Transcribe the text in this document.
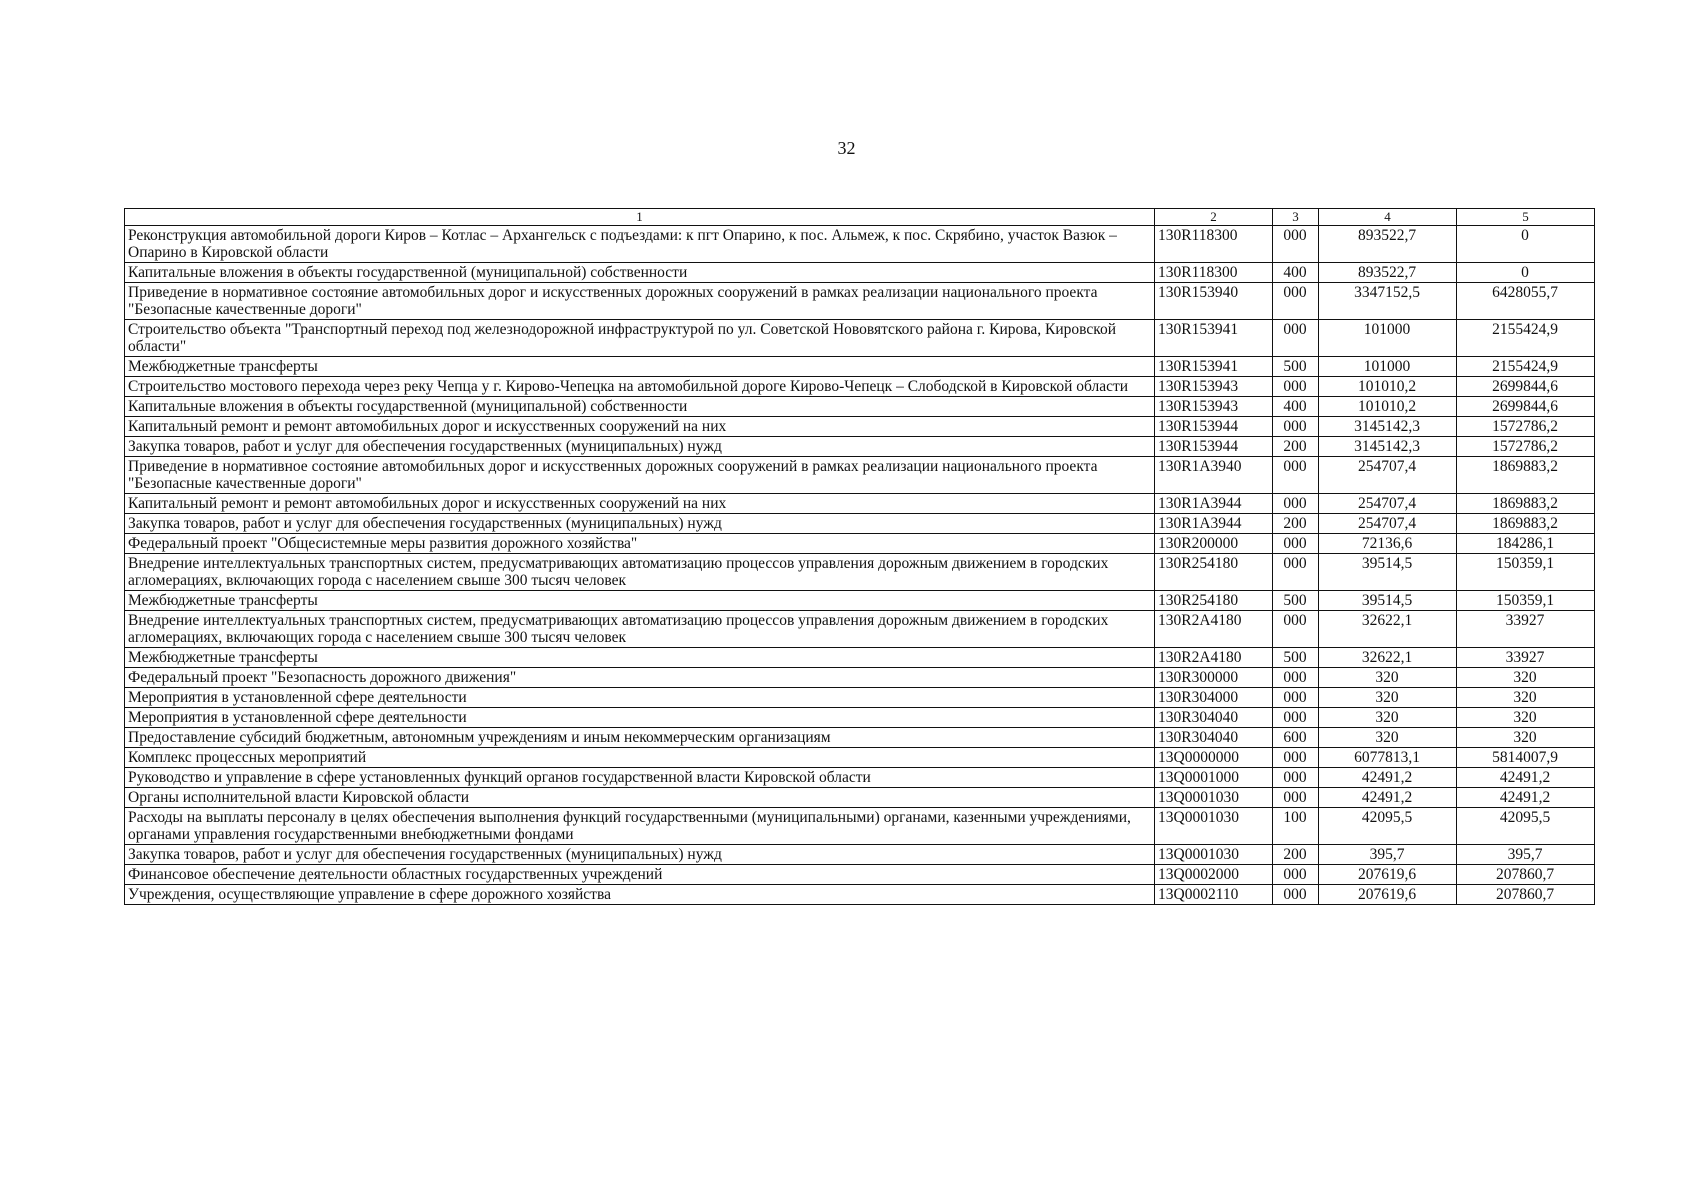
32
1	2	3	4	5
Реконструкция автомобильной дороги Киров – Котлас – Архангельск с подъездами: к пгт Опарино, к пос. Альмеж, к пос. Скрябино, участок Вазюк – Опарино в Кировской области	130R118300	000	893522,7	0
Капитальные вложения в объекты государственной (муниципальной) собственности	130R118300	400	893522,7	0
Приведение в нормативное состояние автомобильных дорог и искусственных дорожных сооружений в рамках реализации национального проекта "Безопасные качественные дороги"	130R153940	000	3347152,5	6428055,7
Строительство объекта "Транспортный переход под железнодорожной инфраструктурой по ул. Советской Нововятского района г. Кирова, Кировской области"	130R153941	000	101000	2155424,9
Межбюджетные трансферты	130R153941	500	101000	2155424,9
Строительство мостового перехода через реку Чепца у г. Кирово-Чепецка на автомобильной дороге Кирово-Чепецк – Слободской в Кировской области	130R153943	000	101010,2	2699844,6
Капитальные вложения в объекты государственной (муниципальной) собственности	130R153943	400	101010,2	2699844,6
Капитальный ремонт и ремонт автомобильных дорог и искусственных сооружений на них	130R153944	000	3145142,3	1572786,2
Закупка товаров, работ и услуг для обеспечения государственных (муниципальных) нужд	130R153944	200	3145142,3	1572786,2
Приведение в нормативное состояние автомобильных дорог и искусственных дорожных сооружений в рамках реализации национального проекта "Безопасные качественные дороги"	130R1A3940	000	254707,4	1869883,2
Капитальный ремонт и ремонт автомобильных дорог и искусственных сооружений на них	130R1A3944	000	254707,4	1869883,2
Закупка товаров, работ и услуг для обеспечения государственных (муниципальных) нужд	130R1A3944	200	254707,4	1869883,2
Федеральный проект "Общесистемные меры развития дорожного хозяйства"	130R200000	000	72136,6	184286,1
Внедрение интеллектуальных транспортных систем, предусматривающих автоматизацию процессов управления дорожным движением в городских агломерациях, включающих города с населением свыше 300 тысяч человек	130R254180	000	39514,5	150359,1
Межбюджетные трансферты	130R254180	500	39514,5	150359,1
Внедрение интеллектуальных транспортных систем, предусматривающих автоматизацию процессов управления дорожным движением в городских агломерациях, включающих города с населением свыше 300 тысяч человек	130R2A4180	000	32622,1	33927
Межбюджетные трансферты	130R2A4180	500	32622,1	33927
Федеральный проект "Безопасность дорожного движения"	130R300000	000	320	320
Мероприятия в установленной сфере деятельности	130R304000	000	320	320
Мероприятия в установленной сфере деятельности	130R304040	000	320	320
Предоставление субсидий бюджетным, автономным учреждениям и иным некоммерческим организациям	130R304040	600	320	320
Комплекс процессных мероприятий	13Q0000000	000	6077813,1	5814007,9
Руководство и управление в сфере установленных функций органов государственной власти Кировской области	13Q0001000	000	42491,2	42491,2
Органы исполнительной власти Кировской области	13Q0001030	000	42491,2	42491,2
Расходы на выплаты персоналу в целях обеспечения выполнения функций государственными (муниципальными) органами, казенными учреждениями, органами управления государственными внебюджетными фондами	13Q0001030	100	42095,5	42095,5
Закупка товаров, работ и услуг для обеспечения государственных (муниципальных) нужд	13Q0001030	200	395,7	395,7
Финансовое обеспечение деятельности областных государственных учреждений	13Q0002000	000	207619,6	207860,7
Учреждения, осуществляющие управление в сфере дорожного хозяйства	13Q0002110	000	207619,6	207860,7
